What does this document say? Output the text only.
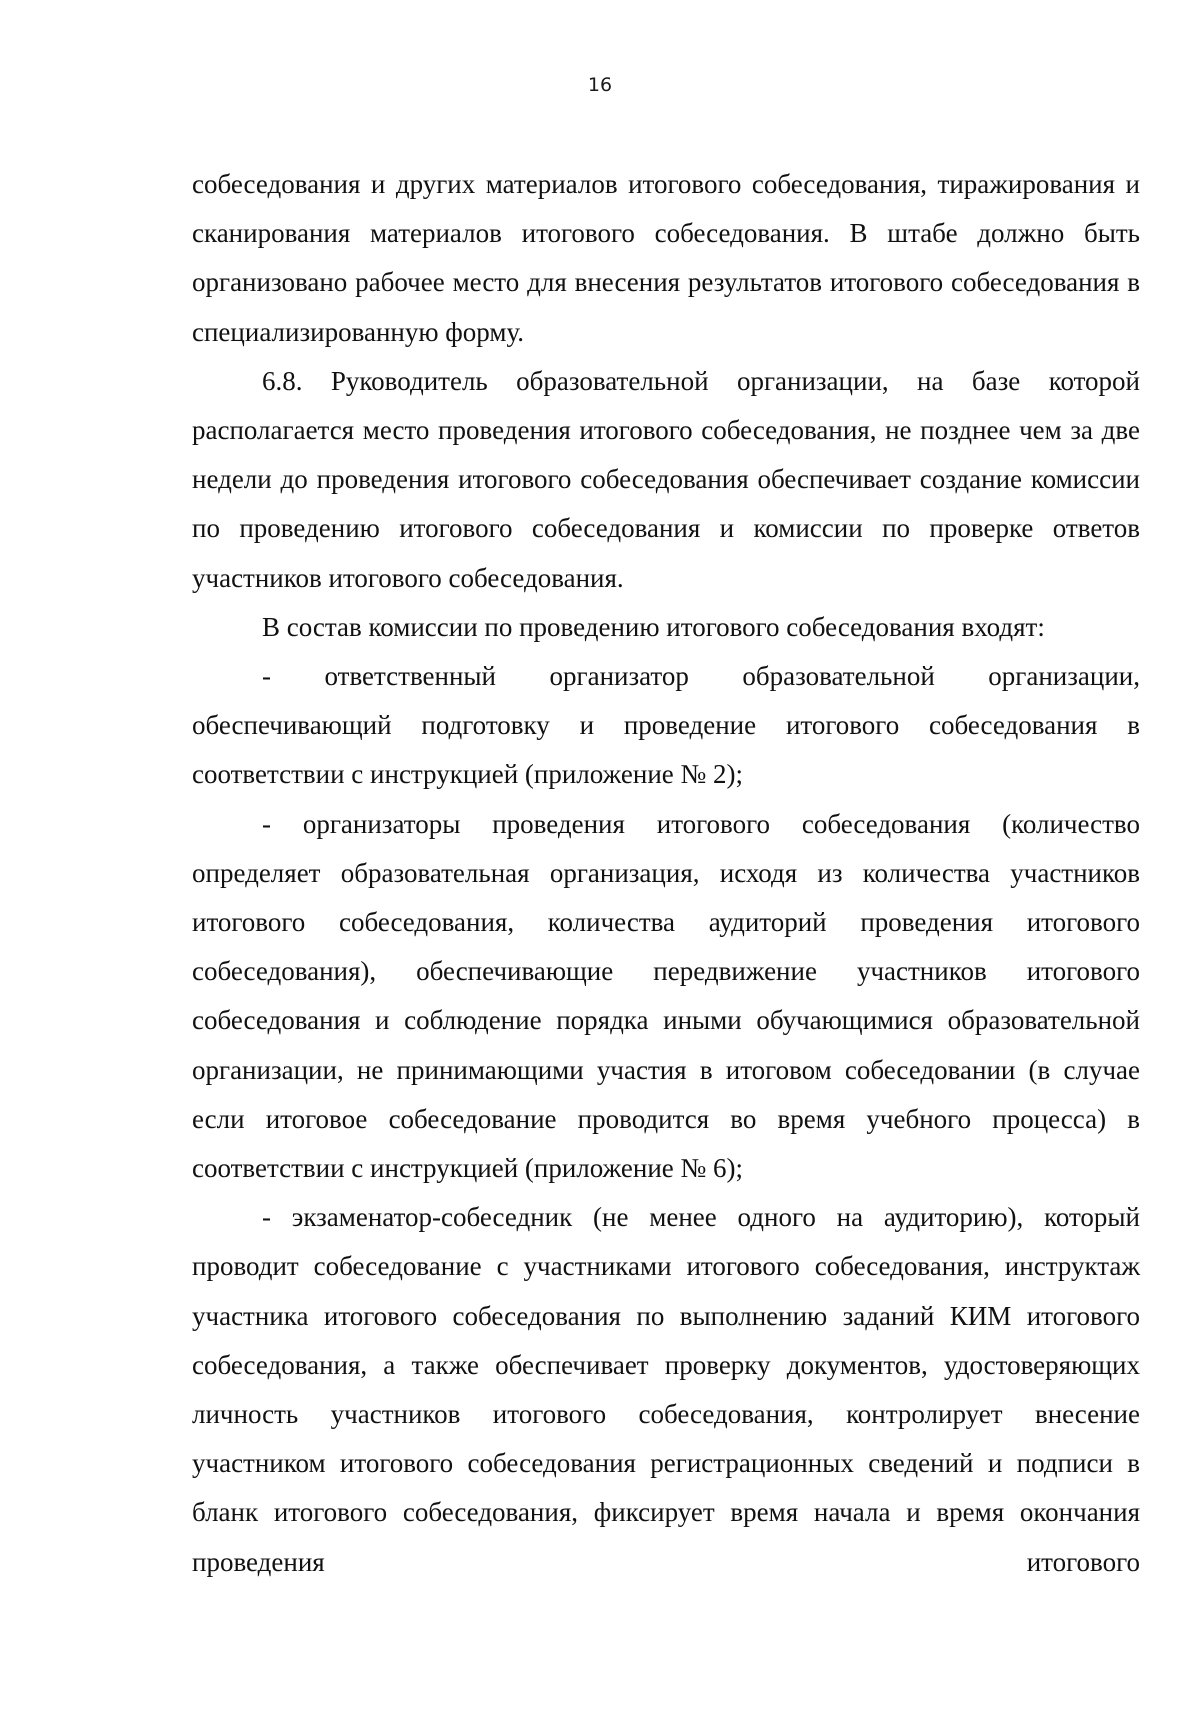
16

собеседования и других материалов итогового собеседования, тиражирования и сканирования материалов итогового собеседования. В штабе должно быть организовано рабочее место для внесения результатов итогового собеседования в специализированную форму.

6.8. Руководитель образовательной организации, на базе которой располагается место проведения итогового собеседования, не позднее чем за две недели до проведения итогового собеседования обеспечивает создание комиссии по проведению итогового собеседования и комиссии по проверке ответов участников итогового собеседования.

В состав комиссии по проведению итогового собеседования входят:

- ответственный организатор образовательной организации, обеспечивающий подготовку и проведение итогового собеседования в соответствии с инструкцией (приложение № 2);

- организаторы проведения итогового собеседования (количество определяет образовательная организация, исходя из количества участников итогового собеседования, количества аудиторий проведения итогового собеседования), обеспечивающие передвижение участников итогового собеседования и соблюдение порядка иными обучающимися образовательной организации, не принимающими участия в итоговом собеседовании (в случае если итоговое собеседование проводится во время учебного процесса) в соответствии с инструкцией (приложение № 6);

- экзаменатор-собеседник (не менее одного на аудиторию), который проводит собеседование с участниками итогового собеседования, инструктаж участника итогового собеседования по выполнению заданий КИМ итогового собеседования, а также обеспечивает проверку документов, удостоверяющих личность участников итогового собеседования, контролирует внесение участником итогового собеседования регистрационных сведений и подписи в бланк итогового собеседования, фиксирует время начала и время окончания проведения итогового
